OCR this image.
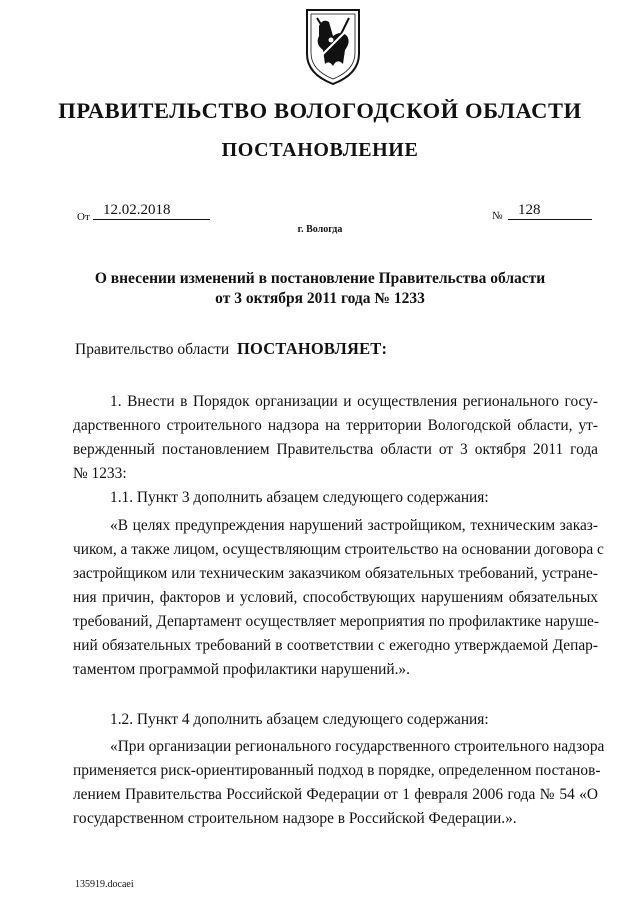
ПРАВИТЕЛЬСТВО ВОЛОГОДСКОЙ ОБЛАСТИ
ПОСТАНОВЛЕНИЕ
От 12.02.2018
г. Вологда
№	128
О внесении изменений в постановление Правительства области
от 3 октября 2011 года № 1233
Правительство области ПОСТАНОВЛЯЕТ:
1. Внести в Порядок организации и осуществления регионального госу-
дарственного строительного надзора на территории Вологодской области, ут-
вержденный постановлением Правительства области от 3 октября 2011 года
№ 1233:
1.1. Пункт 3 дополнить абзацем следующего содержания:
«В целях предупреждения нарушений застройщиком, техническим заказ-
чиком, а также лицом, осуществляющим строительство на основании договора с
застройщиком или техническим заказчиком обязательных требований, устране-
ния причин, факторов и условий, способствующих нарушениям обязательных
требований, Департамент осуществляет мероприятия по профилактике наруше-
ний обязательных требований в соответствии с ежегодно утверждаемой Депар-
таментом программой профилактики нарушений.».
1.2. Пункт 4 дополнить абзацем следующего содержания:
«При организации регионального государственного строительного надзора
применяется риск-ориентированный подход в порядке, определенном постанов-
лением Правительства Российской Федерации от 1 февраля 2006 года № 54 «О
государственном строительном надзоре в Российской Федерации.».
135919.docaei
